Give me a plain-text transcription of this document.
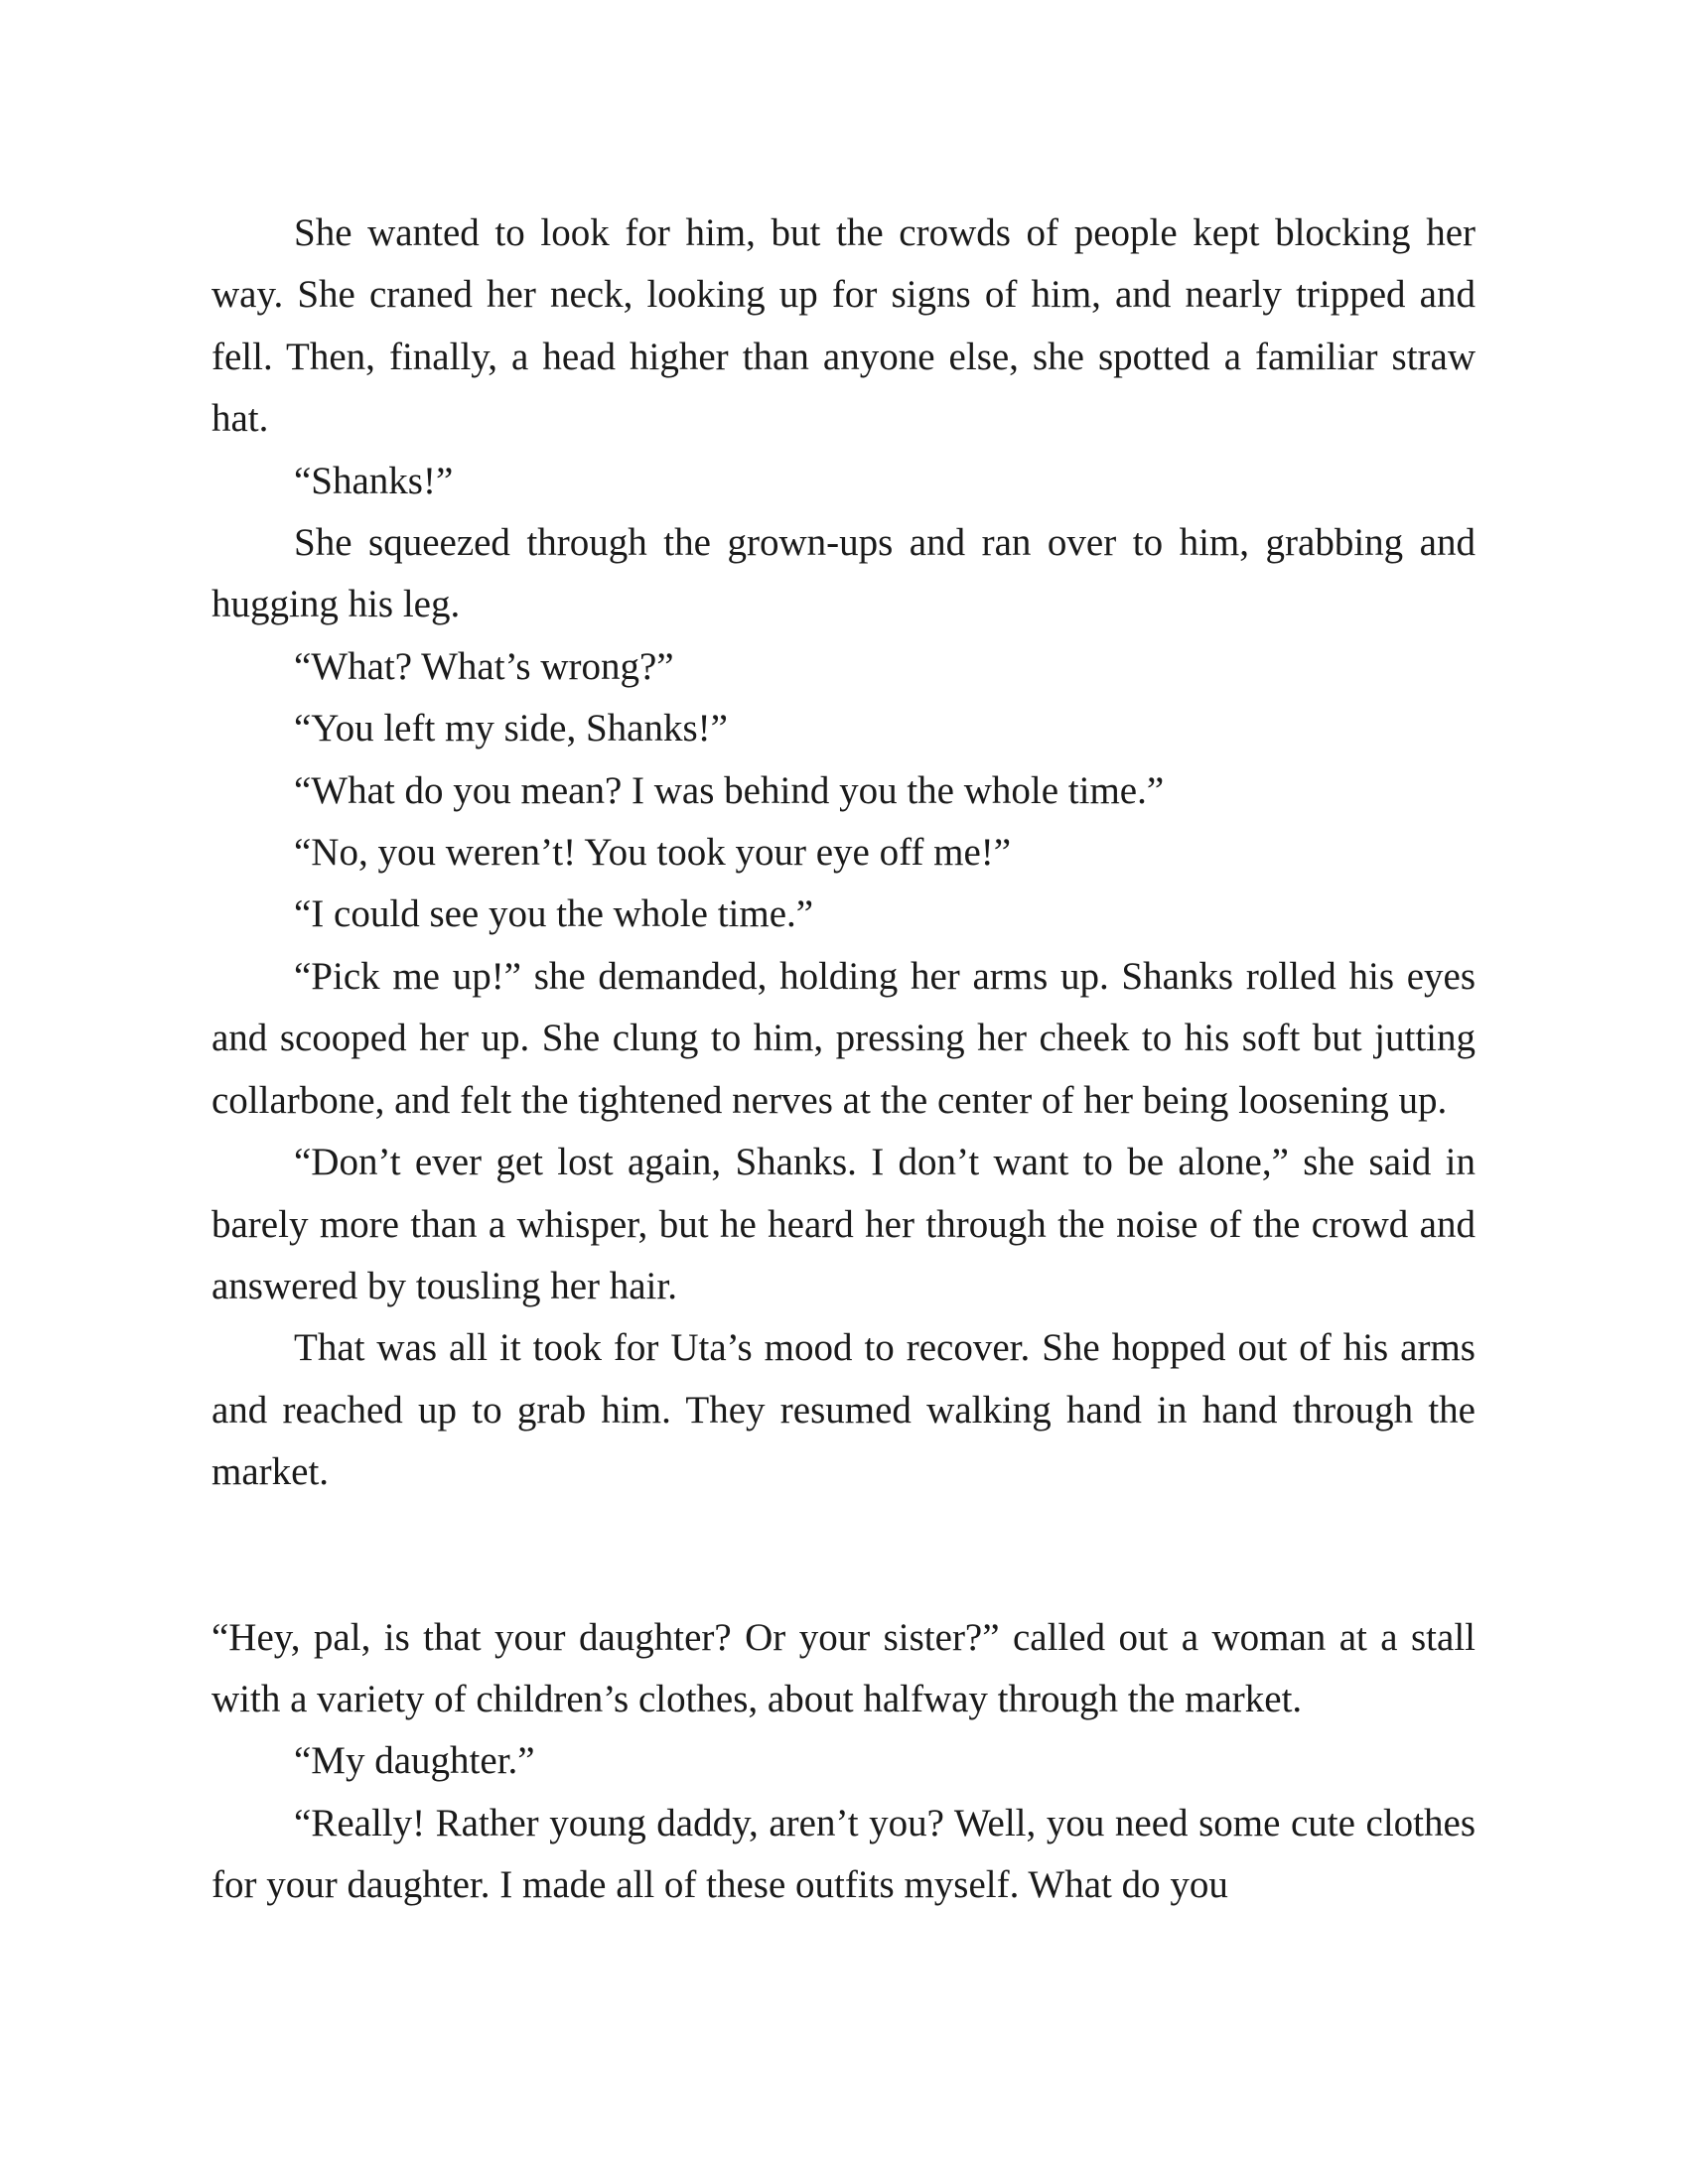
She wanted to look for him, but the crowds of people kept blocking her way. She craned her neck, looking up for signs of him, and nearly tripped and fell. Then, finally, a head higher than anyone else, she spotted a familiar straw hat.

“Shanks!”

She squeezed through the grown-ups and ran over to him, grabbing and hugging his leg.

“What? What’s wrong?”

“You left my side, Shanks!”

“What do you mean? I was behind you the whole time.”

“No, you weren’t! You took your eye off me!”

“I could see you the whole time.”

“Pick me up!” she demanded, holding her arms up. Shanks rolled his eyes and scooped her up. She clung to him, pressing her cheek to his soft but jutting collarbone, and felt the tightened nerves at the center of her being loosening up.

“Don’t ever get lost again, Shanks. I don’t want to be alone,” she said in barely more than a whisper, but he heard her through the noise of the crowd and answered by tousling her hair.

That was all it took for Uta’s mood to recover. She hopped out of his arms and reached up to grab him. They resumed walking hand in hand through the market.

“Hey, pal, is that your daughter? Or your sister?” called out a woman at a stall with a variety of children’s clothes, about halfway through the market.

“My daughter.”

“Really! Rather young daddy, aren’t you? Well, you need some cute clothes for your daughter. I made all of these outfits myself. What do you
